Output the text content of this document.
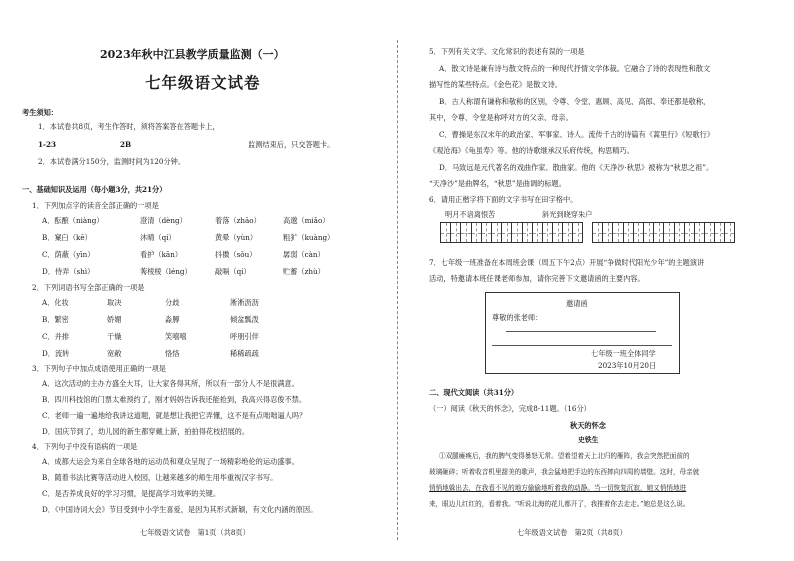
2023年秋中江县教学质量监测（一）
七年级语文试卷
考生须知：
1．本试卷共8页，考生作答时，须将答案答在答题卡上，
1-23	2B	监测结束后，只交答题卡。
2．本试卷满分150分，监测时间为120分钟。
一、基础知识及运用（每小题3分，共21分）
1．下列加点字的读音全部正确的一项是
A．酝酿（niàng）	澄清（dèng）	着落（zhāo）	高邈（miǎo）
B．窠臼（kē）	沐晴（qí）	黄晕（yùn）	粗犷（kuàng）
C．荫蔽（yīn）	看护（kān）	抖擞（sǒu）	孱弱（càn）
D．侍弄（shì）	莠棱棱（léng）	敲嗝（qí）	贮蓄（zhù）
2．下列词语书写全部正确的一项是
A．化妆	取决	分歧	淅淅沥沥
B．繁密	娇媚	淼膊	倾盆瓢泼
C．并排	干燥	笑嘻嘻	呼朋引伴
D．流转	宽敞	恪恪	稀稀疏疏
3．下列句子中加点成语使用正确的一项是
A．这次活动的主办方盛全大耳，让大家各得其所，所以有一部分人不是很满意。
B．四川科技馆的门票太难预约了，刚才妈妈告诉我还能抢到，我高兴得忍俊不禁。
C．老师一遍一遍地给我讲这道题，就是想让我把它弄懂，这不是有点咄咄逼人吗？
D．国庆节到了，幼儿园的新生都穿戴上新，拍拍得花枝招展的。
4．下列句子中没有语病的一项是
A．成都大运会为来自全球各地的运动员和观众呈现了一场精彩绝伦的运动盛事。
B．随着书法比赛等活动进入校园，让越来越多的师生用毕重视汉字书写。
C．是否养成良好的学习习惯，是提高学习效率的关键。
D．《中国诗词大会》节目受到中小学生喜爱，是因为其形式新颖，有文化内涵的原因。
七年级语文试卷　第1页（共8页）
5．下列有关文学、文化常识的表述有误的一项是
A．散文诗是兼有诗与散文特点的一种现代抒情文学体裁。它融合了诗的表现性和散文
描写性的某些特点。《金色花》是散文诗。
B．古人称谓有谦称和敬称的区别，令尊、令堂、惠顾、高见、高郎、奉还都是敬称，
其中，令尊、令堂是称呼对方的父亲、母亲。
C．曹操是东汉末年的政治家、军事家、诗人。流传千古的诗篇有《蒿里行》《短歌行》
《观沧海》《龟虽寿》等。他的诗歌继承汉乐府传统，构思精巧。
D．马致远是元代著名的戏曲作家、散曲家。他的《天净沙·秋思》被称为“秋思之祖”。
“天净沙”是曲牌名，“秋思”是曲调的标题。
6．请用正楷字将下面的文字书写在田字格中。
明月不谙离恨苦	斜光到晓穿朱户
7．七年级一班准备在本周班会课（周五下午2点）开展“争做时代阳光少年”的主题演讲
活动，特邀请本班任课老师参加，请你完善下文邀请函的主要内容。
二、现代文阅读（共31分）
（一）阅读《秋天的怀念》，完成8-11题。（16分）
秋天的怀念
史铁生
①双腿瘫痪后，我的脾气变得暴怒无常。望着望着天上北归的雁阵，我会突然把面前的
玻璃砸碎；听着收音机里甜美的歌声，我会猛地把手边的东西摔向四周的墙壁。这时，母亲就
悄悄地躲出去，在我看不见的地方偷偷地听着我的动静。当一切恢复沉寂，她又悄悄地进
来，眼边儿红红的，看着我。“听说北海的花儿都开了，我推着你去走走。”她总是这么说。
七年级语文试卷　第2页（共8页）
邀请函
尊敬的张老师：
七年级一班全体同学
2023年10月20日
